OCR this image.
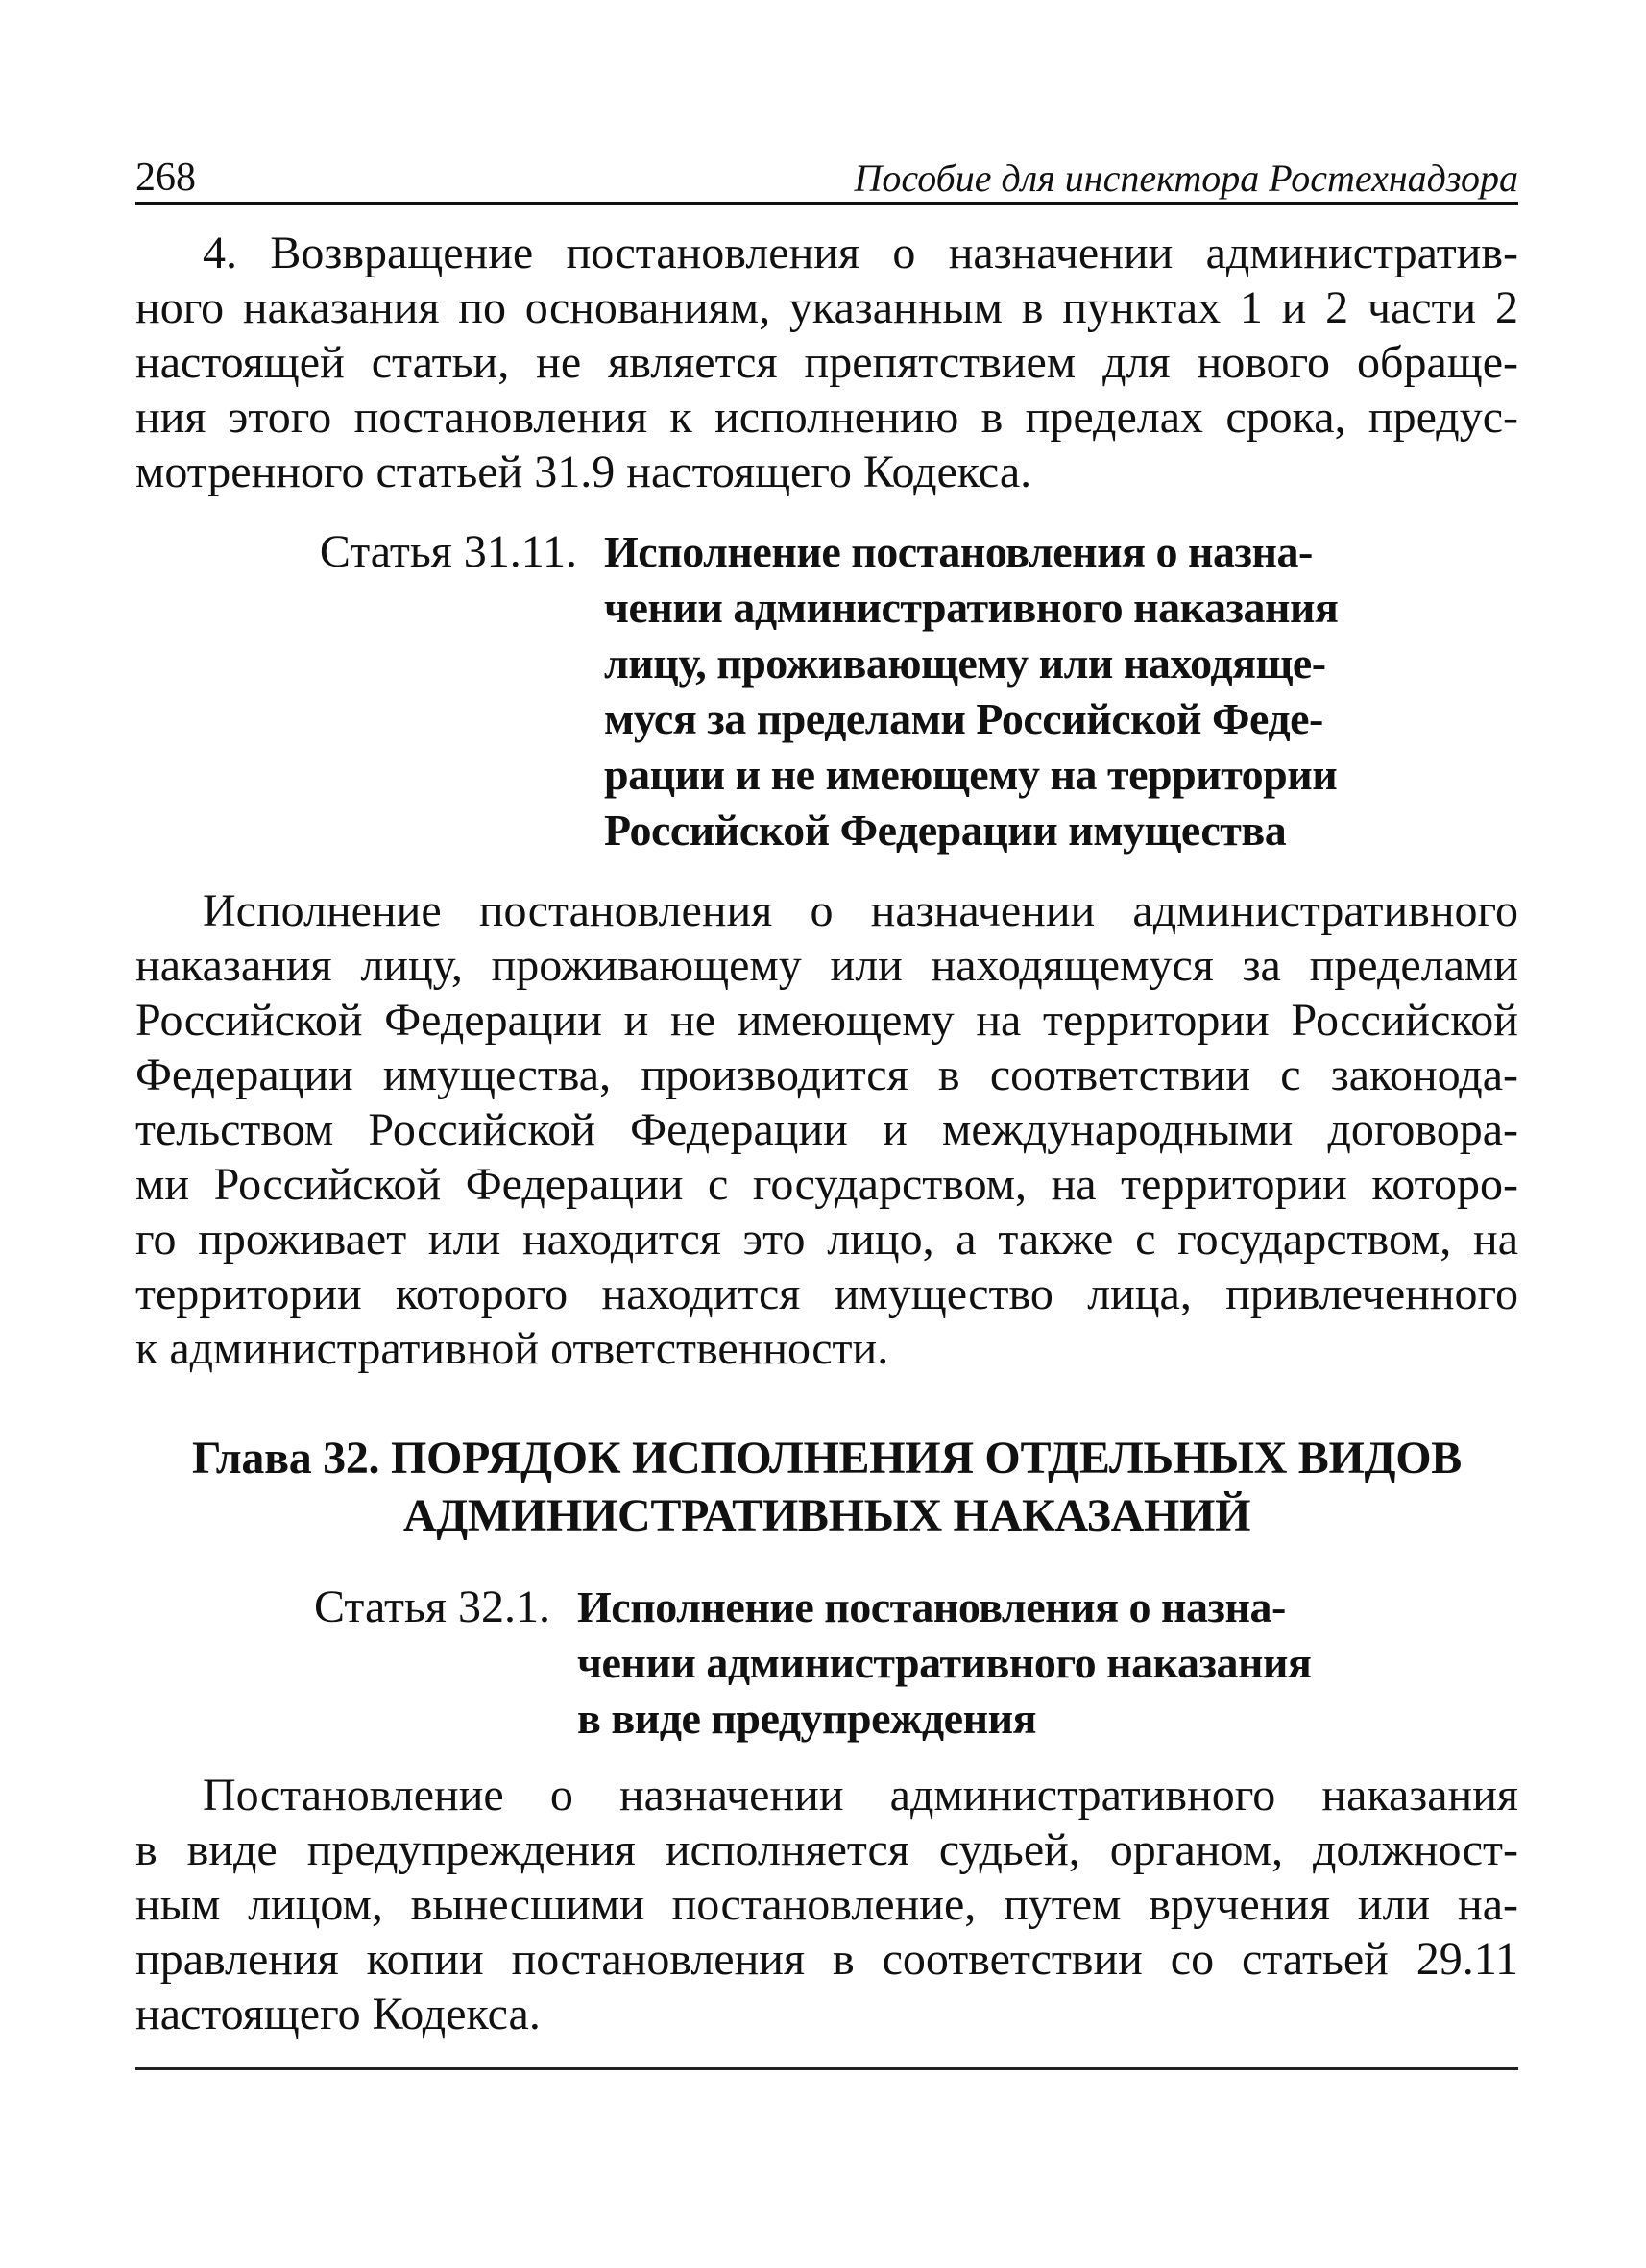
268	Пособие для инспектора Ростехнадзора
4. Возвращение постановления о назначении административ-
ного наказания по основаниям, указанным в пунктах 1 и 2 части 2
настоящей статьи, не является препятствием для нового обраще-
ния этого постановления к исполнению в пределах срока, предус-
мотренного статьей 31.9 настоящего Кодекса.
Статья 31.11. Исполнение постановления о назна-
чении административного наказания
лицу, проживающему или находяще-
муся за пределами Российской Феде-
рации и не имеющему на территории
Российской Федерации имущества
Исполнение постановления о назначении административного
наказания лицу, проживающему или находящемуся за пределами
Российской Федерации и не имеющему на территории Российской
Федерации имущества, производится в соответствии с законода-
тельством Российской Федерации и международными договора-
ми Российской Федерации с государством, на территории которо-
го проживает или находится это лицо, а также с государством, на
территории которого находится имущество лица, привлеченного
к административной ответственности.
Глава 32. ПОРЯДОК ИСПОЛНЕНИЯ ОТДЕЛЬНЫХ ВИДОВ
АДМИНИСТРАТИВНЫХ НАКАЗАНИЙ
Статья 32.1. Исполнение постановления о назна-
чении административного наказания
в виде предупреждения
Постановление о назначении административного наказания
в виде предупреждения исполняется судьей, органом, должност-
ным лицом, вынесшими постановление, путем вручения или на-
правления копии постановления в соответствии со статьей 29.11
настоящего Кодекса.
